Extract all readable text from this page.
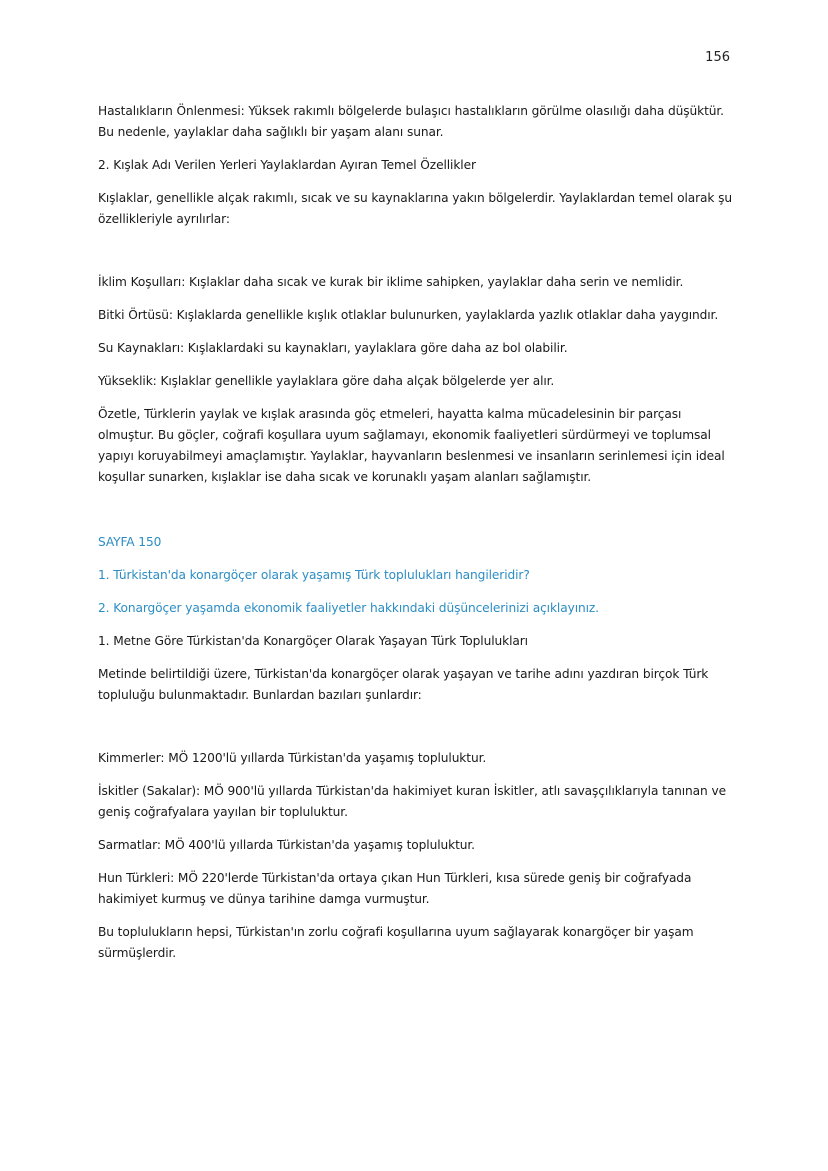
156

Hastalıkların Önlenmesi: Yüksek rakımlı bölgelerde bulaşıcı hastalıkların görülme olasılığı daha düşüktür. Bu nedenle, yaylaklar daha sağlıklı bir yaşam alanı sunar.

2. Kışlak Adı Verilen Yerleri Yaylaklardan Ayıran Temel Özellikler

Kışlaklar, genellikle alçak rakımlı, sıcak ve su kaynaklarına yakın bölgelerdir. Yaylaklardan temel olarak şu özellikleriyle ayrılırlar:

İklim Koşulları: Kışlaklar daha sıcak ve kurak bir iklime sahipken, yaylaklar daha serin ve nemlidir.

Bitki Örtüsü: Kışlaklarda genellikle kışlık otlaklar bulunurken, yaylaklarda yazlık otlaklar daha yaygındır.

Su Kaynakları: Kışlaklardaki su kaynakları, yaylaklara göre daha az bol olabilir.

Yükseklik: Kışlaklar genellikle yaylaklara göre daha alçak bölgelerde yer alır.

Özetle, Türklerin yaylak ve kışlak arasında göç etmeleri, hayatta kalma mücadelesinin bir parçası olmuştur. Bu göçler, coğrafi koşullara uyum sağlamayı, ekonomik faaliyetleri sürdürmeyi ve toplumsal yapıyı koruyabilmeyi amaçlamıştır. Yaylaklar, hayvanların beslenmesi ve insanların serinlemesi için ideal koşullar sunarken, kışlaklar ise daha sıcak ve korunaklı yaşam alanları sağlamıştır.

SAYFA 150

1. Türkistan'da konargöçer olarak yaşamış Türk toplulukları hangileridir?

2. Konargöçer yaşamda ekonomik faaliyetler hakkındaki düşüncelerinizi açıklayınız.

1. Metne Göre Türkistan'da Konargöçer Olarak Yaşayan Türk Toplulukları

Metinde belirtildiği üzere, Türkistan'da konargöçer olarak yaşayan ve tarihe adını yazdıran birçok Türk topluluğu bulunmaktadır. Bunlardan bazıları şunlardır:

Kimmerler: MÖ 1200'lü yıllarda Türkistan'da yaşamış topluluktur.

İskitler (Sakalar): MÖ 900'lü yıllarda Türkistan'da hakimiyet kuran İskitler, atlı savaşçılıklarıyla tanınan ve geniş coğrafyalara yayılan bir topluluktur.

Sarmatlar: MÖ 400'lü yıllarda Türkistan'da yaşamış topluluktur.

Hun Türkleri: MÖ 220'lerde Türkistan'da ortaya çıkan Hun Türkleri, kısa sürede geniş bir coğrafyada hakimiyet kurmuş ve dünya tarihine damga vurmuştur.

Bu toplulukların hepsi, Türkistan'ın zorlu coğrafi koşullarına uyum sağlayarak konargöçer bir yaşam sürmüşlerdir.
